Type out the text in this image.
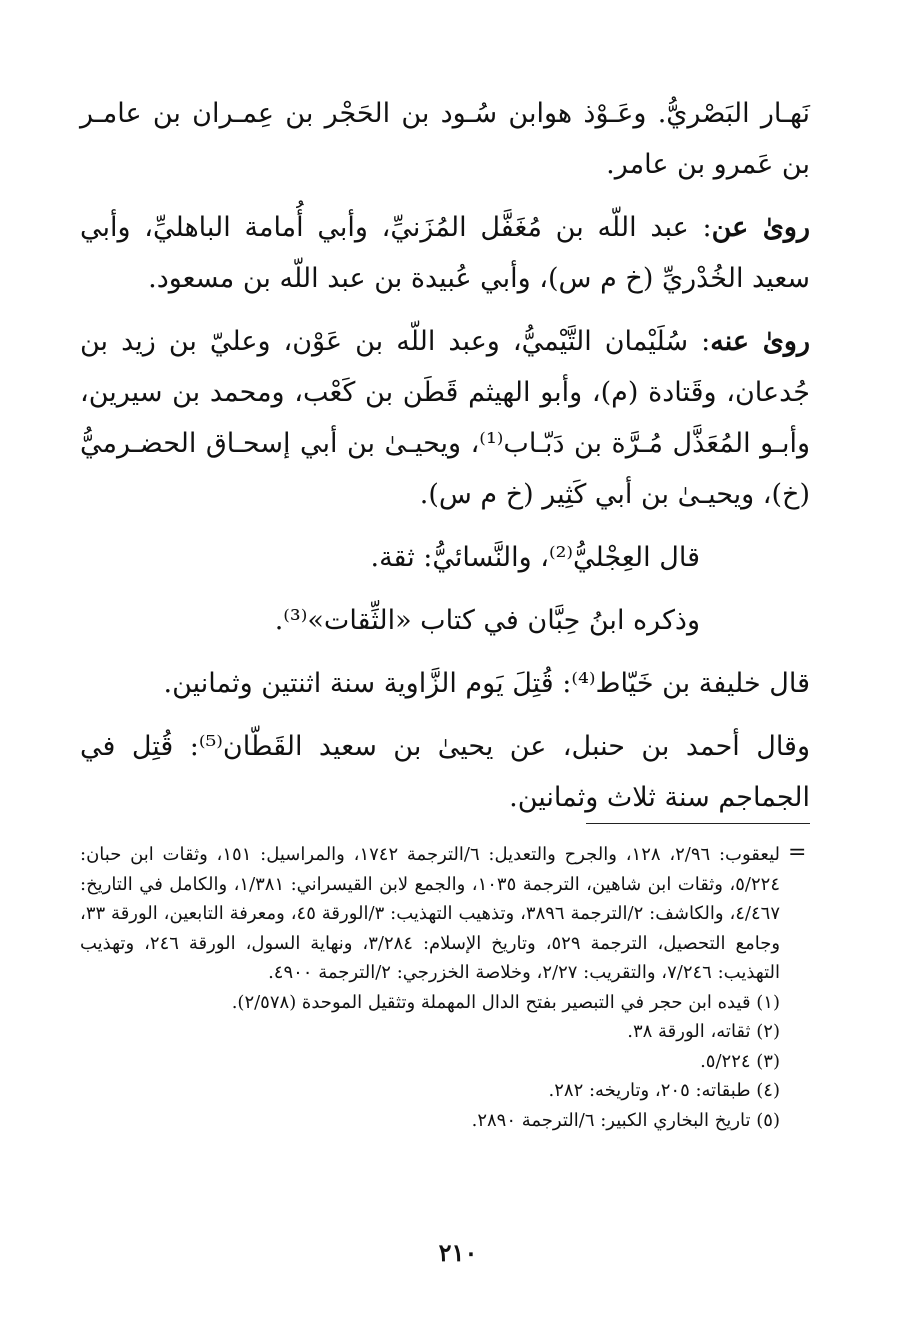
نَهـار البَصْريُّ. وعَـوْذ هوابن سُـود بن الحَجْر بن عِمـران بن عامـر بن عَمرو بن عامر.

روىٰ عن: عبد اللّه بن مُغَفَّل المُزَنيِّ، وأبي أُمامة الباهليِّ، وأبي سعيد الخُدْريِّ (خ م س)، وأبي عُبيدة بن عبد اللّه بن مسعود.

روىٰ عنه: سُلَيْمان التَّيْميُّ، وعبد اللّه بن عَوْن، وعليّ بن زيد بن جُدعان، وقَتادة (م)، وأبو الهيثم قَطَن بن كَعْب، ومحمد بن سيرين، وأبـو المُعَذَّل مُـرَّة بن دَبّـاب⁽¹⁾، ويحيـىٰ بن أبي إسحـاق الحضـرميُّ (خ)، ويحيـىٰ بن أبي كَثِير (خ م س).

قال العِجْليُّ⁽²⁾، والنَّسائيُّ: ثقة.

وذكره ابنُ حِبَّان في كتاب «الثِّقات»⁽³⁾.

قال خليفة بن خَيّاط⁽⁴⁾: قُتِلَ يَوم الزَّاوية سنة اثنتين وثمانين.

وقال أحمد بن حنبل، عن يحيىٰ بن سعيد القَطّان⁽⁵⁾: قُتِل في الجماجم سنة ثلاث وثمانين.

=

ليعقوب: ٢/٩٦، ١٢٨، والجرح والتعديل: ٦/الترجمة ١٧٤٢، والمراسيل: ١٥١، وثقات ابن حبان: ٥/٢٢٤، وثقات ابن شاهين، الترجمة ١٠٣٥، والجمع لابن القيسراني: ١/٣٨١، والكامل في التاريخ: ٤/٤٦٧، والكاشف: ٢/الترجمة ٣٨٩٦، وتذهيب التهذيب: ٣/الورقة ٤٥، ومعرفة التابعين، الورقة ٣٣، وجامع التحصيل، الترجمة ٥٢٩، وتاريخ الإسلام: ٣/٢٨٤، ونهاية السول، الورقة ٢٤٦، وتهذيب التهذيب: ٧/٢٤٦، والتقريب: ٢/٢٧، وخلاصة الخزرجي: ٢/الترجمة ٤٩٠٠.

(١) قيده ابن حجر في التبصير بفتح الدال المهملة وتثقيل الموحدة (٢/٥٧٨).

(٢) ثقاته، الورقة ٣٨.

(٣) ٥/٢٢٤.

(٤) طبقاته: ٢٠٥، وتاريخه: ٢٨٢.

(٥) تاريخ البخاري الكبير: ٦/الترجمة ٢٨٩٠.

٢١٠
